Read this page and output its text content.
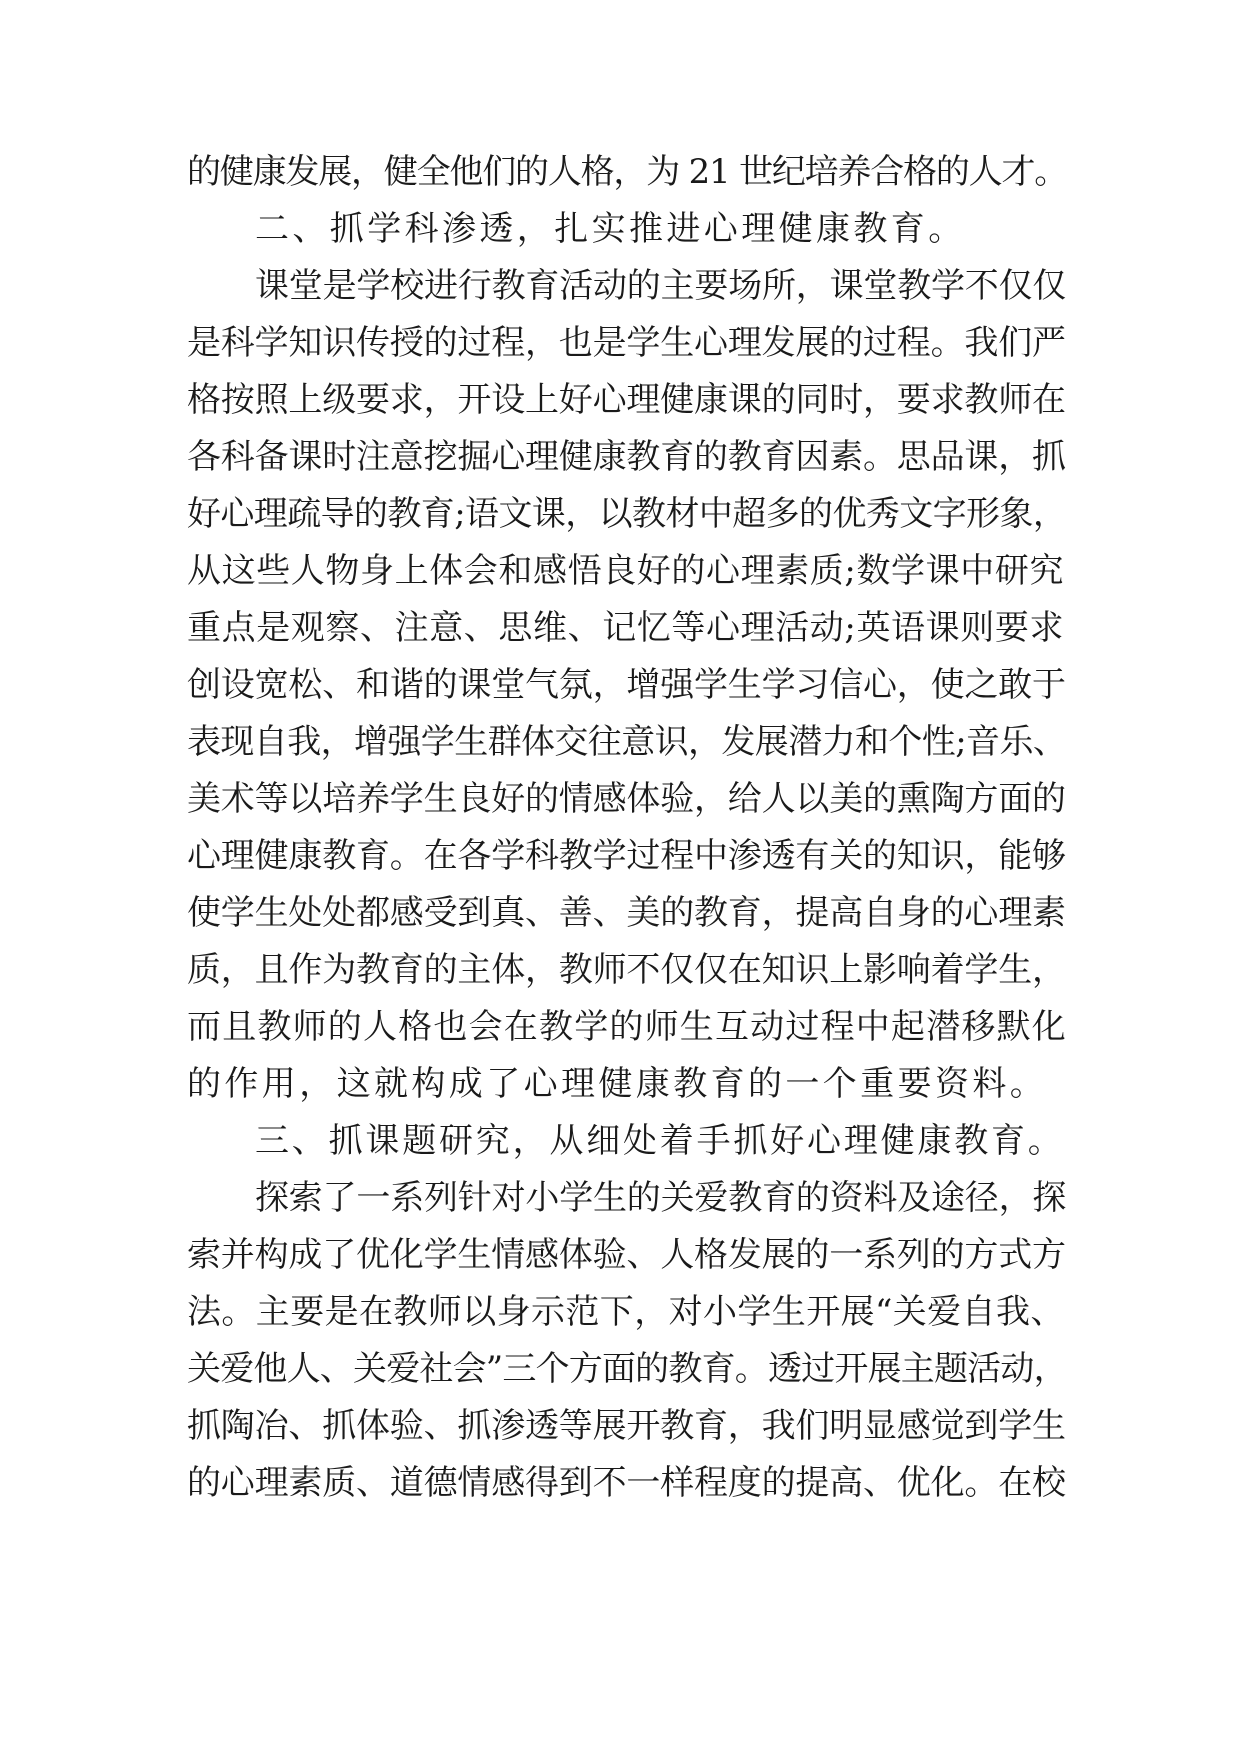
的健康发展，健全他们的人格，为 21 世纪培养合格的人才。
二、抓学科渗透，扎实推进心理健康教育。
课堂是学校进行教育活动的主要场所，课堂教学不仅仅
是科学知识传授的过程，也是学生心理发展的过程。我们严
格按照上级要求，开设上好心理健康课的同时，要求教师在
各科备课时注意挖掘心理健康教育的教育因素。思品课，抓
好心理疏导的教育;语文课，以教材中超多的优秀文字形象，
从这些人物身上体会和感悟良好的心理素质;数学课中研究
重点是观察、注意、思维、记忆等心理活动;英语课则要求
创设宽松、和谐的课堂气氛，增强学生学习信心，使之敢于
表现自我，增强学生群体交往意识，发展潜力和个性;音乐、
美术等以培养学生良好的情感体验，给人以美的熏陶方面的
心理健康教育。在各学科教学过程中渗透有关的知识，能够
使学生处处都感受到真、善、美的教育，提高自身的心理素
质，且作为教育的主体，教师不仅仅在知识上影响着学生，
而且教师的人格也会在教学的师生互动过程中起潜移默化
的作用，这就构成了心理健康教育的一个重要资料。
三、抓课题研究，从细处着手抓好心理健康教育。
探索了一系列针对小学生的关爱教育的资料及途径，探
索并构成了优化学生情感体验、人格发展的一系列的方式方
法。主要是在教师以身示范下，对小学生开展“关爱自我、
关爱他人、关爱社会”三个方面的教育。透过开展主题活动，
抓陶冶、抓体验、抓渗透等展开教育，我们明显感觉到学生
的心理素质、道德情感得到不一样程度的提高、优化。在校
